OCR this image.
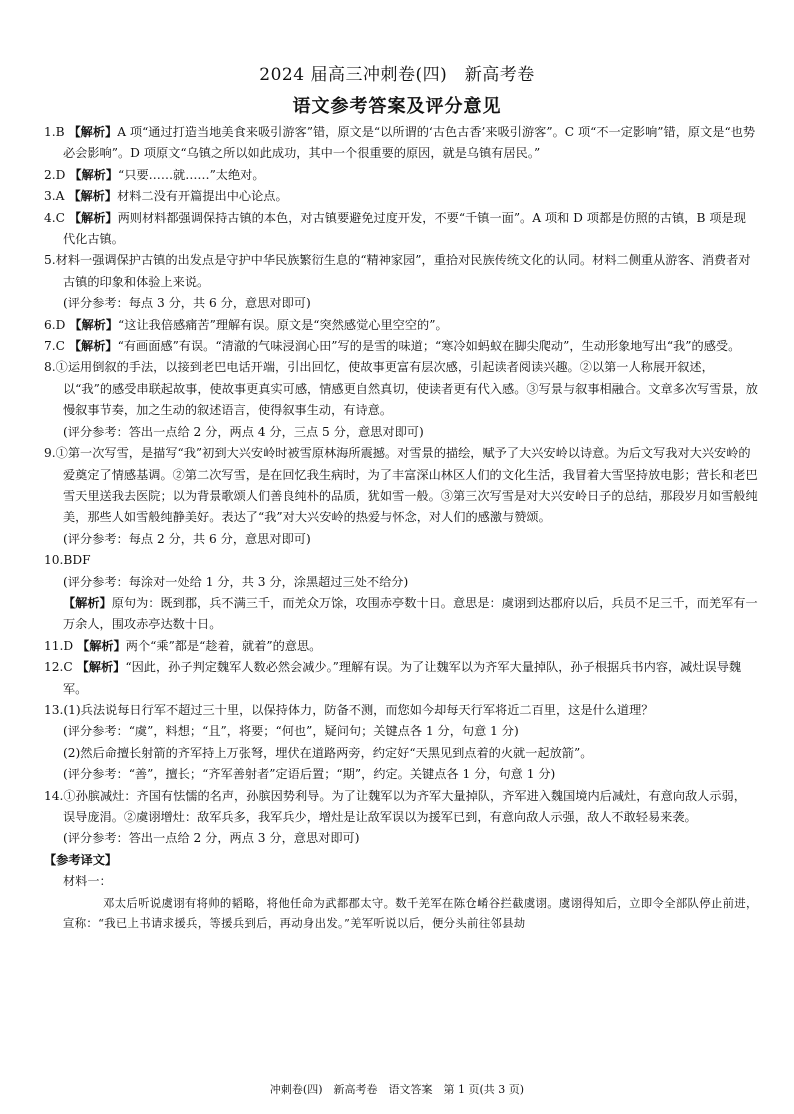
2024 届高三冲刺卷(四)　新高考卷
语文参考答案及评分意见

1.B 【解析】A 项“通过打造当地美食来吸引游客”错，原文是“以所谓的‘古色古香’来吸引游客”。C 项“不一定影响”错，原文是“也势必会影响”。D 项原文“乌镇之所以如此成功，其中一个很重要的原因，就是乌镇有居民。”

2.D 【解析】“只要……就……”太绝对。

3.A 【解析】材料二没有开篇提出中心论点。

4.C 【解析】两则材料都强调保持古镇的本色，对古镇要避免过度开发，不要“千镇一面”。A 项和 D 项都是仿照的古镇，B 项是现代化古镇。

5.材料一强调保护古镇的出发点是守护中华民族繁衍生息的“精神家园”，重拾对民族传统文化的认同。材料二侧重从游客、消费者对古镇的印象和体验上来说。

(评分参考：每点 3 分，共 6 分，意思对即可)

6.D 【解析】“这让我倍感痛苦”理解有误。原文是“突然感觉心里空空的”。

7.C 【解析】“有画面感”有误。“清澈的气味浸润心田”写的是雪的味道；“寒冷如蚂蚁在脚尖爬动”，生动形象地写出“我”的感受。

8.①运用倒叙的手法，以接到老巴电话开端，引出回忆，使故事更富有层次感，引起读者阅读兴趣。②以第一人称展开叙述，以“我”的感受串联起故事，使故事更真实可感，情感更自然真切，使读者更有代入感。③写景与叙事相融合。文章多次写雪景，放慢叙事节奏，加之生动的叙述语言，使得叙事生动，有诗意。

(评分参考：答出一点给 2 分，两点 4 分，三点 5 分，意思对即可)

9.①第一次写雪，是描写“我”初到大兴安岭时被雪原林海所震撼。对雪景的描绘，赋予了大兴安岭以诗意。为后文写我对大兴安岭的爱奠定了情感基调。②第二次写雪，是在回忆我生病时，为了丰富深山林区人们的文化生活，我冒着大雪坚持放电影；营长和老巴雪天里送我去医院；以为背景歌颂人们善良纯朴的品质，犹如雪一般。③第三次写雪是对大兴安岭日子的总结，那段岁月如雪般纯美，那些人如雪般纯静美好。表达了“我”对大兴安岭的热爱与怀念，对人们的感激与赞颂。

(评分参考：每点 2 分，共 6 分，意思对即可)

10.BDF

(评分参考：每涂对一处给 1 分，共 3 分，涂黑超过三处不给分)

【解析】原句为：既到郡，兵不满三千，而羌众万馀，攻围赤亭数十日。意思是：虞诩到达郡府以后，兵员不足三千，而羌军有一万余人，围攻赤亭达数十日。

11.D 【解析】两个“乘”都是“趁着，就着”的意思。

12.C 【解析】“因此，孙子判定魏军人数必然会减少。”理解有误。为了让魏军以为齐军大量掉队，孙子根据兵书内容，减灶误导魏军。

13.(1)兵法说每日行军不超过三十里，以保持体力，防备不测，而您如今却每天行军将近二百里，这是什么道理？

(评分参考：“虞”，料想；“且”，将要；“何也”，疑问句；关键点各 1 分，句意 1 分)

(2)然后命擅长射箭的齐军持上万张弩，埋伏在道路两旁，约定好“天黑见到点着的火就一起放箭”。

(评分参考：“善”，擅长；“齐军善射者”定语后置；“期”，约定。关键点各 1 分，句意 1 分)

14.①孙膑减灶：齐国有怯懦的名声，孙膑因势利导。为了让魏军以为齐军大量掉队，齐军进入魏国境内后减灶，有意向敌人示弱，误导庞涓。②虞诩增灶：敌军兵多，我军兵少，增灶是让敌军误以为援军已到，有意向敌人示强，敌人不敢轻易来袭。

(评分参考：答出一点给 2 分，两点 3 分，意思对即可)

【参考译文】

材料一：

邓太后听说虞诩有将帅的韬略，将他任命为武都郡太守。数千羌军在陈仓崤谷拦截虞诩。虞诩得知后，立即令全部队停止前进，宣称：“我已上书请求援兵，等援兵到后，再动身出发。”羌军听说以后，便分头前往邻县劫

冲刺卷(四)　新高考卷　语文答案　第 1 页(共 3 页)
